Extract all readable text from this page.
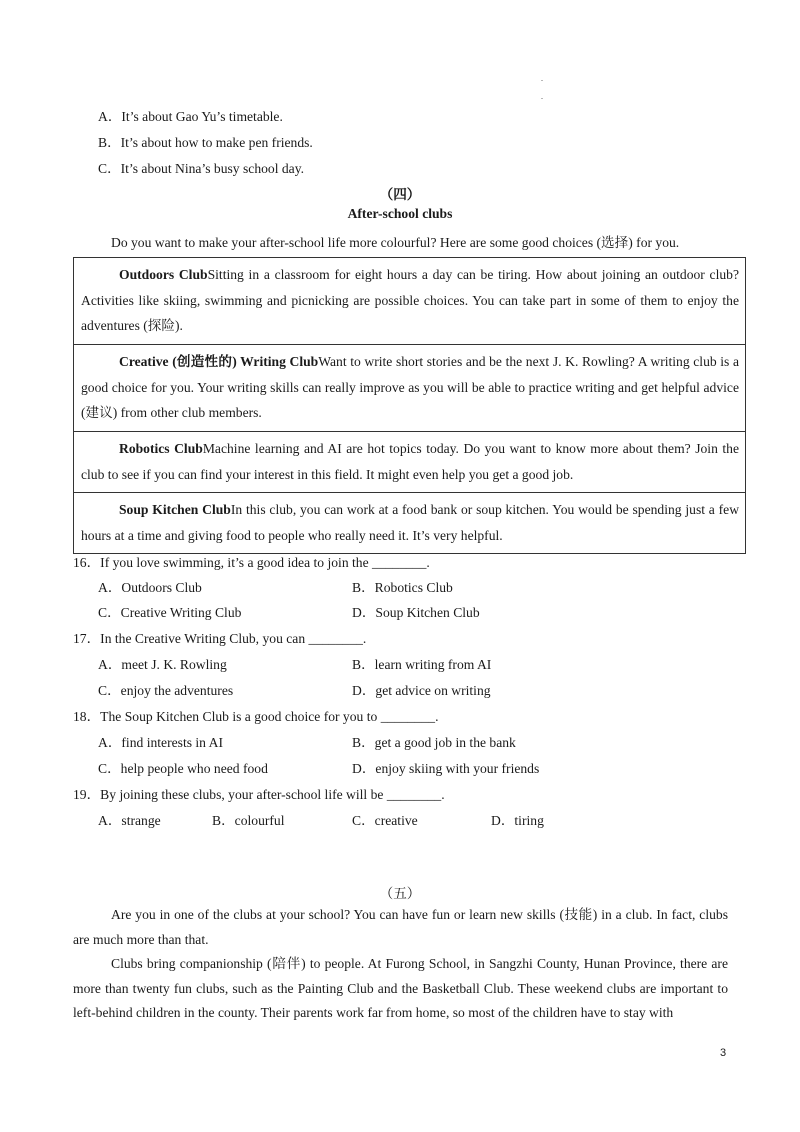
.
.
A．It’s about Gao Yu’s timetable.
B．It’s about how to make pen friends.
C．It’s about Nina’s busy school day.
（四）
After-school clubs
Do you want to make your after-school life more colourful? Here are some good choices (选择) for you.
Outdoors ClubSitting in a classroom for eight hours a day can be tiring. How about joining an outdoor club? Activities like skiing, swimming and picnicking are possible choices. You can take part in some of them to enjoy the adventures (探险).
Creative (创造性的) Writing ClubWant to write short stories and be the next J. K. Rowling? A writing club is a good choice for you. Your writing skills can really improve as you will be able to practice writing and get helpful advice (建议) from other club members.
Robotics ClubMachine learning and AI are hot topics today. Do you want to know more about them? Join the club to see if you can find your interest in this field. It might even help you get a good job.
Soup Kitchen ClubIn this club, you can work at a food bank or soup kitchen. You would be spending just a few hours at a time and giving food to people who really need it. It’s very helpful.
16．If you love swimming, it’s a good idea to join the ________.
A．Outdoors Club	B．Robotics Club
C．Creative Writing Club	D．Soup Kitchen Club
17．In the Creative Writing Club, you can ________.
A．meet J. K. Rowling	B．learn writing from AI
C．enjoy the adventures	D．get advice on writing
18．The Soup Kitchen Club is a good choice for you to ________.
A．find interests in AI	B．get a good job in the bank
C．help people who need food	D．enjoy skiing with your friends
19．By joining these clubs, your after-school life will be ________.
A．strange	B．colourful	C．creative	D．tiring
（五）
Are you in one of the clubs at your school? You can have fun or learn new skills (技能) in a club. In fact, clubs are much more than that.
Clubs bring companionship (陪伴) to people. At Furong School, in Sangzhi County, Hunan Province, there are more than twenty fun clubs, such as the Painting Club and the Basketball Club. These weekend clubs are important to left-behind children in the county. Their parents work far from home, so most of the children have to stay with
3
